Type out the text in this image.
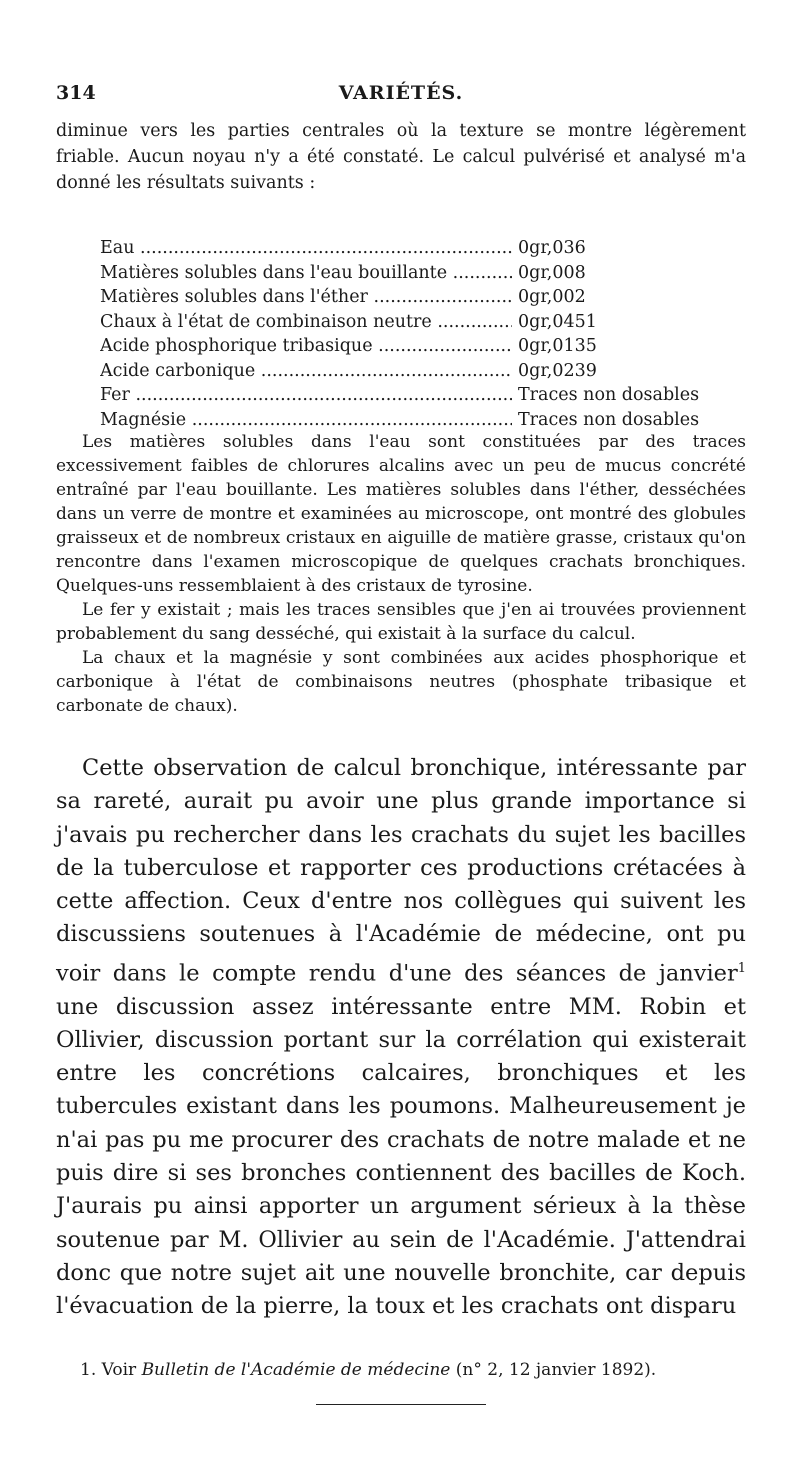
314	VARIÉTÉS.
diminue vers les parties centrales où la texture se montre légèrement friable. Aucun noyau n'y a été constaté. Le calcul pulvérisé et analysé m'a donné les résultats suivants :
Eau .....	0gr,036
Matières solubles dans l'eau bouillante .....	0gr,008
Matières solubles dans l'éther .....	0gr,002
Chaux à l'état de combinaison neutre .....	0gr,0451
Acide phosphorique tribasique .....	0gr,0135
Acide carbonique .....	0gr,0239
Fer .....	Traces non dosables
Magnésie .....	Traces non dosables

Les matières solubles dans l'eau sont constituées par des traces excessivement faibles de chlorures alcalins avec un peu de mucus concrété entraîné par l'eau bouillante. Les matières solubles dans l'éther, desséchées dans un verre de montre et examinées au microscope, ont montré des globules graisseux et de nombreux cristaux en aiguille de matière grasse, cristaux qu'on rencontre dans l'examen microscopique de quelques crachats bronchiques. Quelques-uns ressemblaient à des cristaux de tyrosine.

Le fer y existait ; mais les traces sensibles que j'en ai trouvées proviennent probablement du sang desséché, qui existait à la surface du calcul.

La chaux et la magnésie y sont combinées aux acides phosphorique et carbonique à l'état de combinaisons neutres (phosphate tribasique et carbonate de chaux).

Cette observation de calcul bronchique, intéressante par sa rareté, aurait pu avoir une plus grande importance si j'avais pu rechercher dans les crachats du sujet les bacilles de la tuberculose et rapporter ces productions crétacées à cette affection. Ceux d'entre nos collègues qui suivent les discussiens soutenues à l'Académie de médecine, ont pu voir dans le compte rendu d'une des séances de janvier$^1$ une discussion assez intéressante entre MM. Robin et Ollivier, discussion portant sur la corrélation qui existerait entre les concrétions calcaires, bronchiques et les tubercules existant dans les poumons. Malheureusement je n'ai pas pu me procurer des crachats de notre malade et ne puis dire si ses bronches contiennent des bacilles de Koch. J'aurais pu ainsi apporter un argument sérieux à la thèse soutenue par M. Ollivier au sein de l'Académie. J'attendrai donc que notre sujet ait une nouvelle bronchite, car depuis l'évacuation de la pierre, la toux et les crachats ont disparu

1. Voir Bulletin de l'Académie de médecine (n° 2, 12 janvier 1892).
